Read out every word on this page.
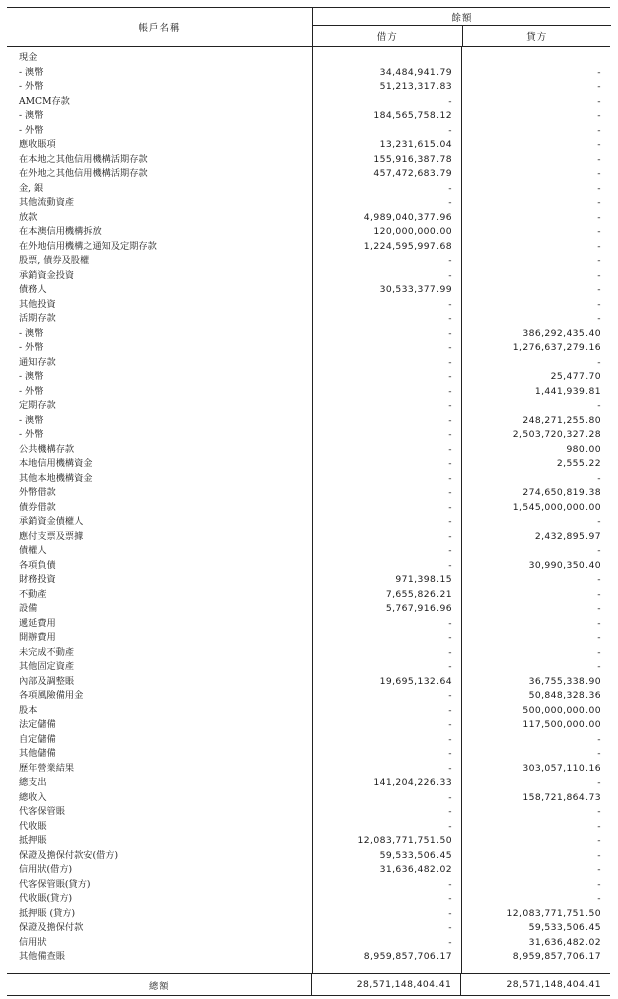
帳戶名稱
餘額
借方	貸方
現金
- 澳幣	34,484,941.79	-
- 外幣	51,213,317.83	-
AMCM存款	-	-
- 澳幣	184,565,758.12	-
- 外幣	-	-
應收賬項	13,231,615.04	-
在本地之其他信用機構活期存款	155,916,387.78	-
在外地之其他信用機構活期存款	457,472,683.79	-
金, 銀	-	-
其他流動資產	-	-
放款	4,989,040,377.96	-
在本澳信用機構拆放	120,000,000.00	-
在外地信用機構之通知及定期存款	1,224,595,997.68	-
股票, 債券及股權	-	-
承銷資金投資	-	-
債務人	30,533,377.99	-
其他投資	-	-
活期存款	-	-
- 澳幣	-	386,292,435.40
- 外幣	-	1,276,637,279.16
通知存款	-	-
- 澳幣	-	25,477.70
- 外幣	-	1,441,939.81
定期存款	-	-
- 澳幣	-	248,271,255.80
- 外幣	-	2,503,720,327.28
公共機構存款	-	980.00
本地信用機構資金	-	2,555.22
其他本地機構資金	-	-
外幣借款	-	274,650,819.38
債券借款	-	1,545,000,000.00
承銷資金債權人	-	-
應付支票及票據	-	2,432,895.97
債權人	-	-
各項負債	-	30,990,350.40
財務投資	971,398.15	-
不動產	7,655,826.21	-
設備	5,767,916.96	-
遞延費用	-	-
開辦費用	-	-
未完成不動產	-	-
其他固定資產	-	-
內部及調整賬	19,695,132.64	36,755,338.90
各項風險備用金	-	50,848,328.36
股本	-	500,000,000.00
法定儲備	-	117,500,000.00
自定儲備	-	-
其他儲備	-	-
歷年營業結果	-	303,057,110.16
總支出	141,204,226.33	-
總收入	-	158,721,864.73
代客保管賬	-	-
代收賬	-	-
抵押賬	12,083,771,751.50	-
保證及擔保付款安(借方)	59,533,506.45	-
信用狀(借方)	31,636,482.02	-
代客保管賬(貸方)	-	-
代收賬(貸方)	-	-
抵押賬 (貸方)	-	12,083,771,751.50
保證及擔保付款	-	59,533,506.45
信用狀	-	31,636,482.02
其他備查賬	8,959,857,706.17	8,959,857,706.17
總額	28,571,148,404.41	28,571,148,404.41
